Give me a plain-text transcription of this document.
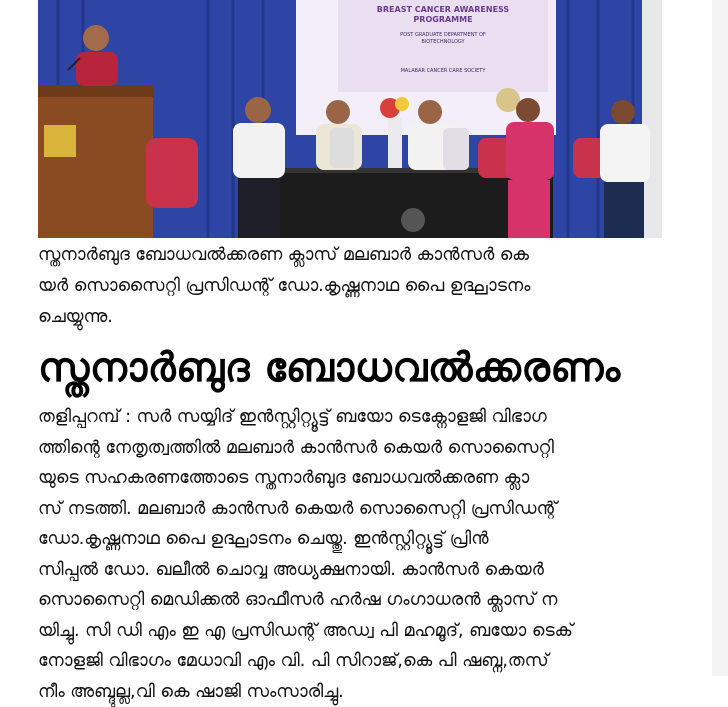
BREAST CANCER AWARENESS
PROGRAMME
POST GRADUATE DEPARTMENT OF
BIOTECHNOLOGY
MALABAR CANCER CARE SOCIETY
സ്തനാർബുദ ബോധവൽക്കരണ ക്ലാസ് മലബാർ കാൻസർ കെ
യർ സൊസൈറ്റി പ്രസിഡന്റ് ഡോ.കൃഷ്ണനാഥ പൈ ഉദ്ഘാടനം
ചെയ്യുന്നു.
സ്തനാർബുദ ബോധവൽക്കരണം
തളിപ്പറമ്പ് : സർ സയ്യിദ് ഇൻസ്റ്റിറ്റ്യൂട്ട് ബയോ ടെക്നോളജി വിഭാഗ
ത്തിന്റെ നേതൃത്വത്തിൽ മലബാർ കാൻസർ കെയർ സൊസൈറ്റി
യുടെ സഹകരണത്തോടെ സ്തനാർബുദ ബോധവൽക്കരണ ക്ലാ
സ് നടത്തി. മലബാർ കാൻസർ കെയർ സൊസൈറ്റി പ്രസിഡന്റ്
ഡോ.കൃഷ്ണനാഥ പൈ ഉദ്ഘാടനം ചെയ്തു. ഇൻസ്റ്റിറ്റ്യൂട്ട് പ്രിൻ
സിപ്പൽ ഡോ. ഖലീൽ ചൊവ്വ അധ്യക്ഷനായി. കാൻസർ കെയർ
സൊസൈറ്റി മെഡിക്കൽ ഓഫീസർ ഹർഷ ഗംഗാധരൻ ക്ലാസ് ന
യിച്ചു. സി ഡി എം ഇ എ പ്രസിഡന്റ് അഡ്വ പി മഹമൂദ്, ബയോ ടെക്
നോളജി വിഭാഗം മേധാവി എം വി. പി സിറാജ്,കെ പി ഷബ്ന,തസ്
നീം അബ്ദുല്ല,വി കെ ഷാജി സംസാരിച്ചു.
